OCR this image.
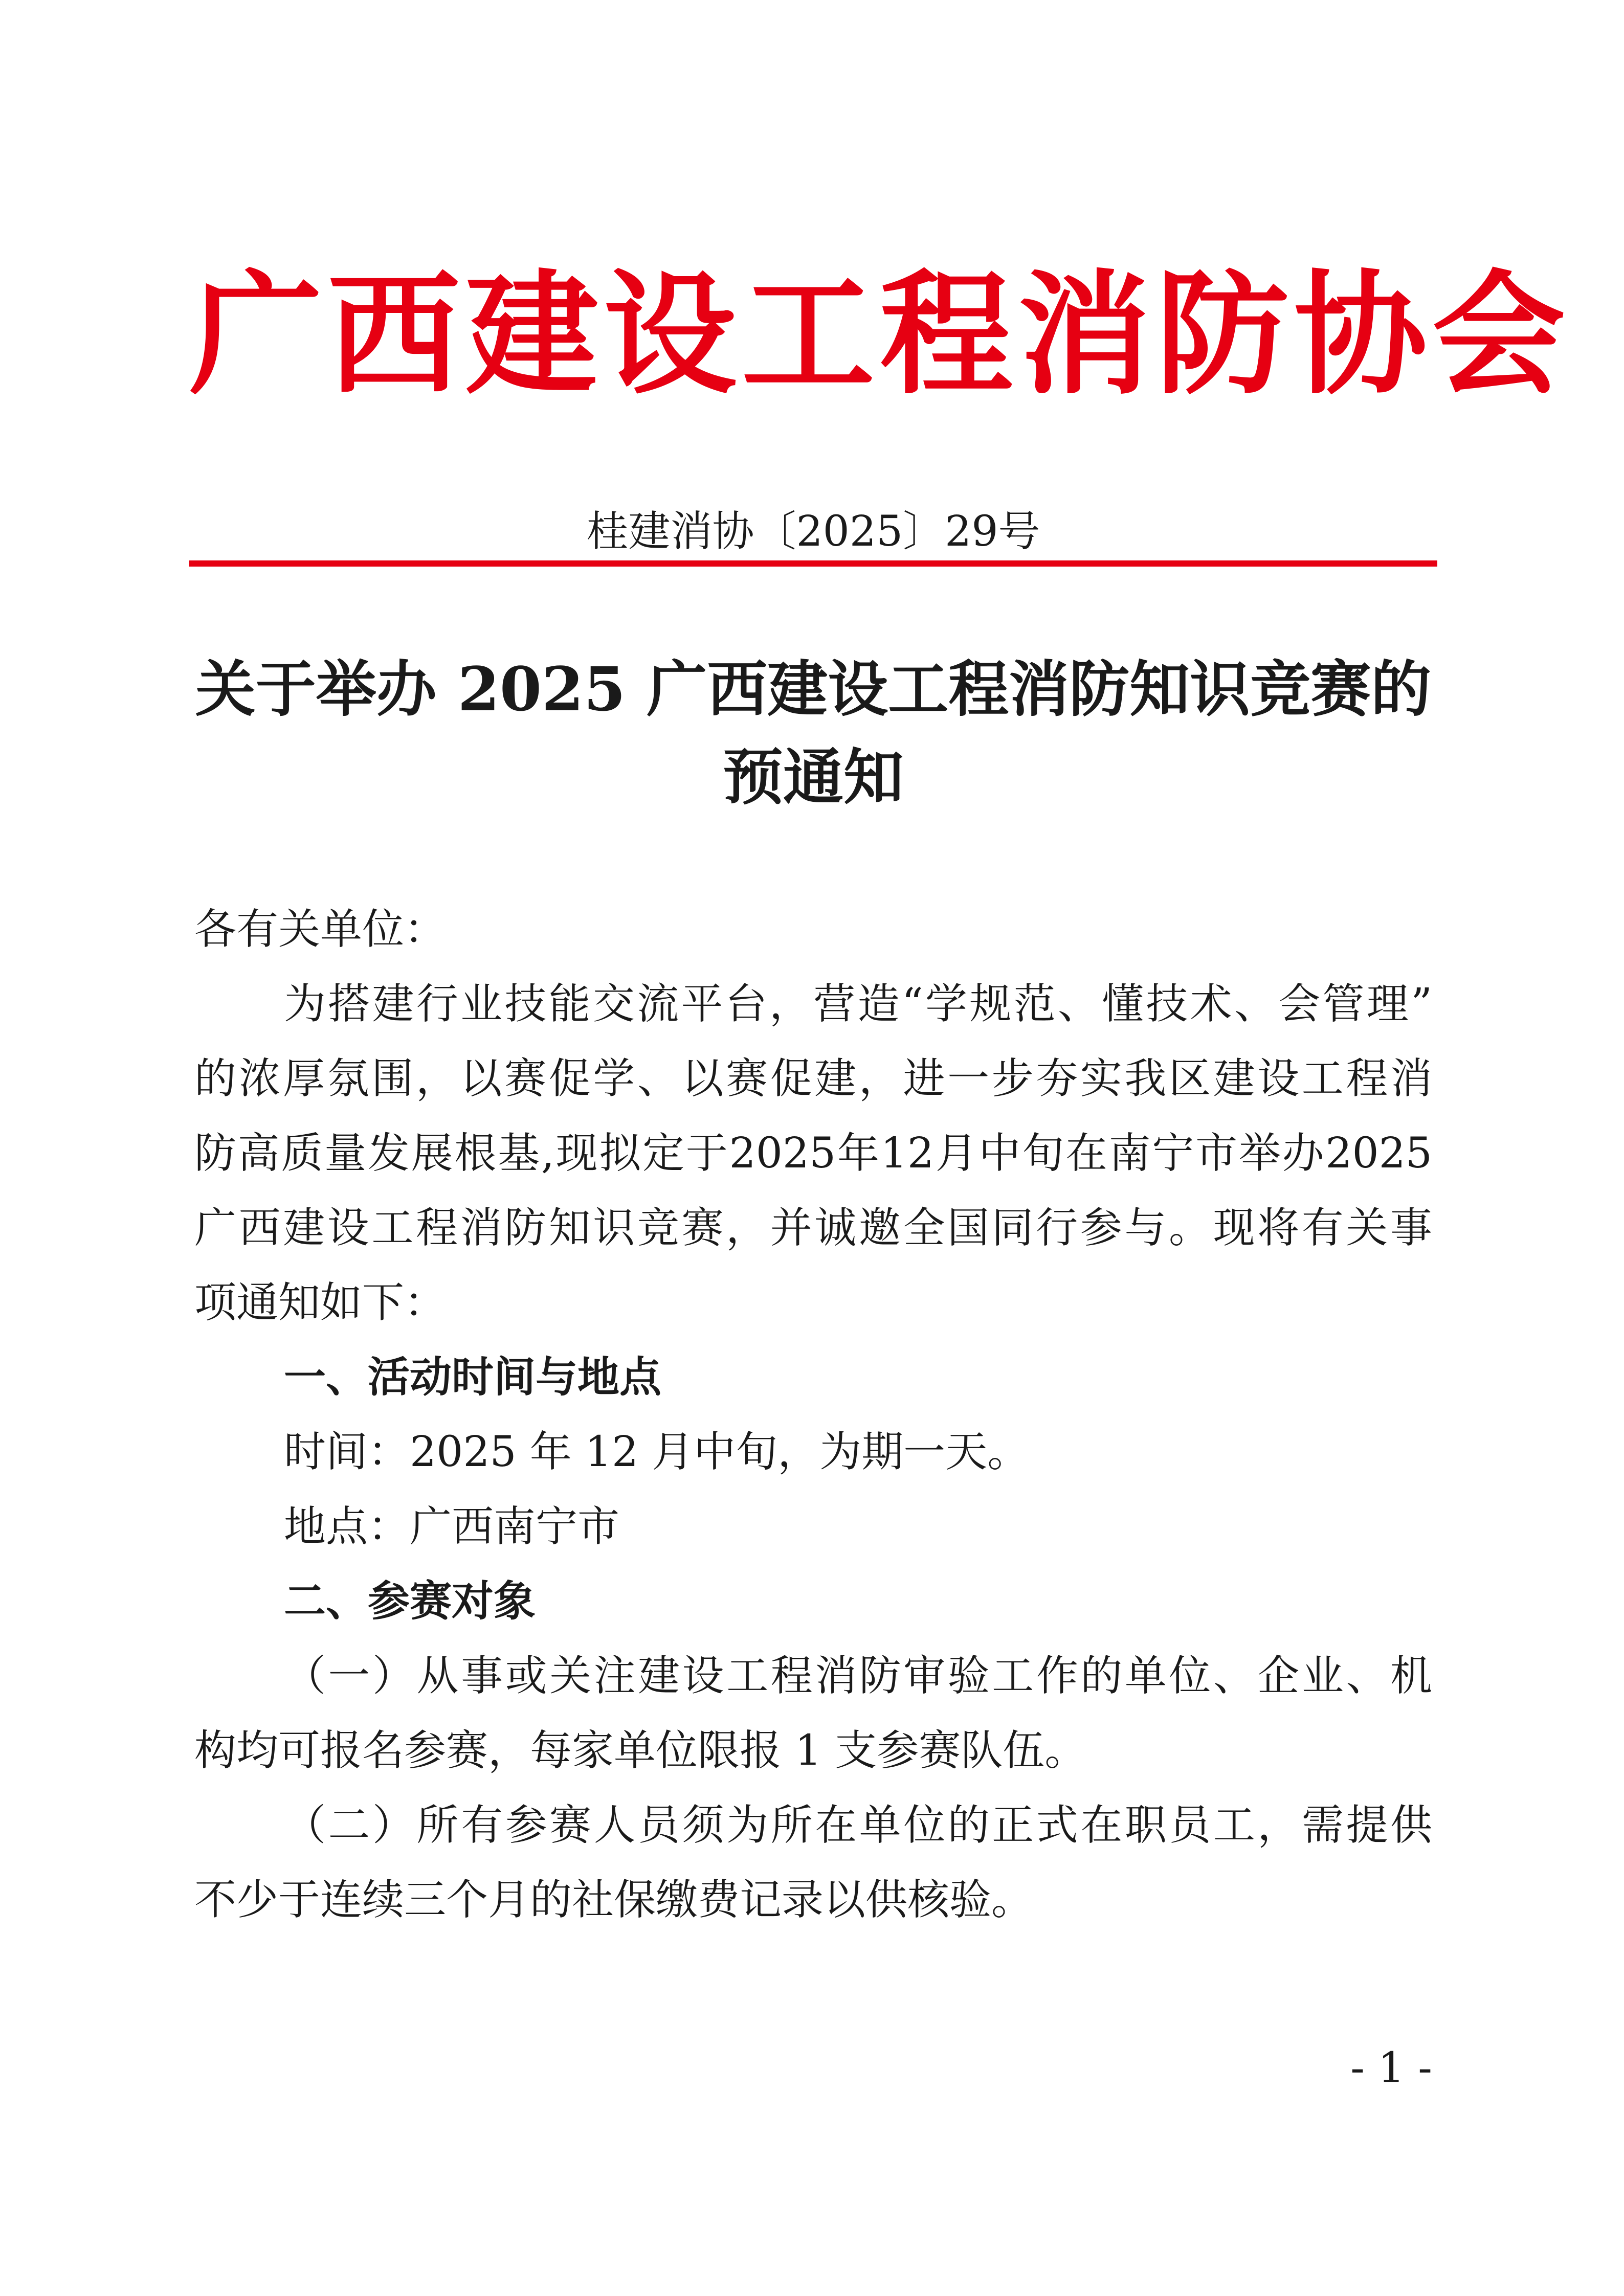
广西建设工程消防协会
桂建消协〔2025〕29号
关于举办 2025 广西建设工程消防知识竞赛的
预通知
各有关单位：
为搭建行业技能交流平台，营造“学规范、懂技术、会管理”
的浓厚氛围，以赛促学、以赛促建，进一步夯实我区建设工程消
防高质量发展根基,现拟定于2025年12月中旬在南宁市举办2025
广西建设工程消防知识竞赛，并诚邀全国同行参与。现将有关事
项通知如下：
一、活动时间与地点
时间：2025 年 12 月中旬，为期一天。
地点：广西南宁市
二、参赛对象
（一）从事或关注建设工程消防审验工作的单位、企业、机
构均可报名参赛，每家单位限报 1 支参赛队伍。
（二）所有参赛人员须为所在单位的正式在职员工，需提供
不少于连续三个月的社保缴费记录以供核验。
- 1 -
